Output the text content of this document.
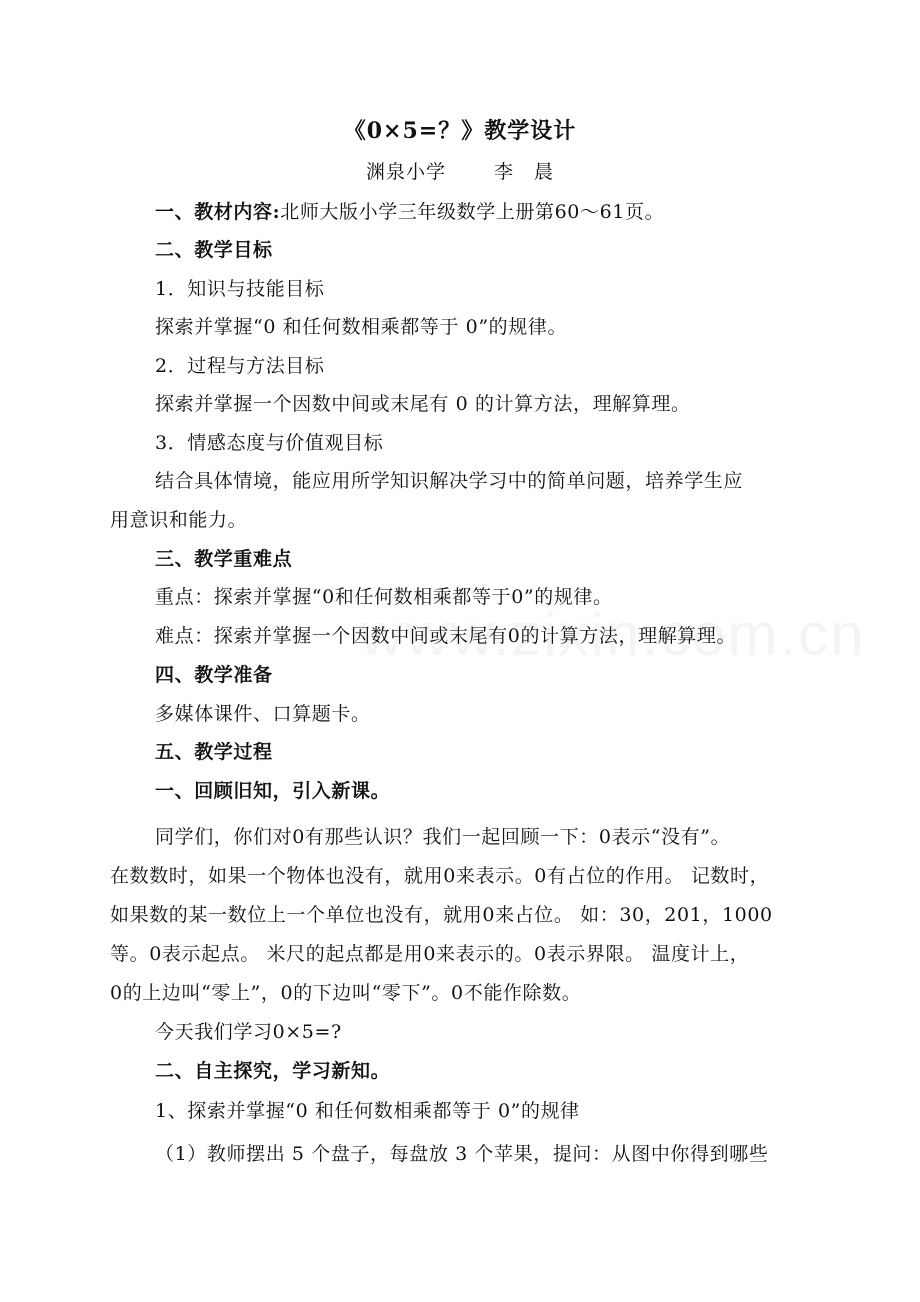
《0×5=？》教学设计
渊泉小学	李　晨
一、教材内容:北师大版小学三年级数学上册第60～61页。
二、教学目标
1．知识与技能目标
探索并掌握“0 和任何数相乘都等于 0”的规律。
2．过程与方法目标
探索并掌握一个因数中间或末尾有 0 的计算方法，理解算理。
3．情感态度与价值观目标
结合具体情境，能应用所学知识解决学习中的简单问题，培养学生应
用意识和能力。
三、教学重难点
重点：探索并掌握“0和任何数相乘都等于0”的规律。
难点：探索并掌握一个因数中间或末尾有0的计算方法，理解算理。
四、教学准备
多媒体课件、口算题卡。
五、教学过程
一、回顾旧知，引入新课。
同学们，你们对0有那些认识？我们一起回顾一下：0表示“没有”。
在数数时，如果一个物体也没有，就用0来表示。0有占位的作用。 记数时，
如果数的某一数位上一个单位也没有，就用0来占位。 如：30，201，1000
等。0表示起点。 米尺的起点都是用0来表示的。0表示界限。 温度计上，
0的上边叫“零上”，0的下边叫“零下”。0不能作除数。
今天我们学习0×5=?
二、自主探究，学习新知。
1、探索并掌握“0 和任何数相乘都等于 0”的规律
（1）教师摆出 5 个盘子，每盘放 3 个苹果，提问：从图中你得到哪些
